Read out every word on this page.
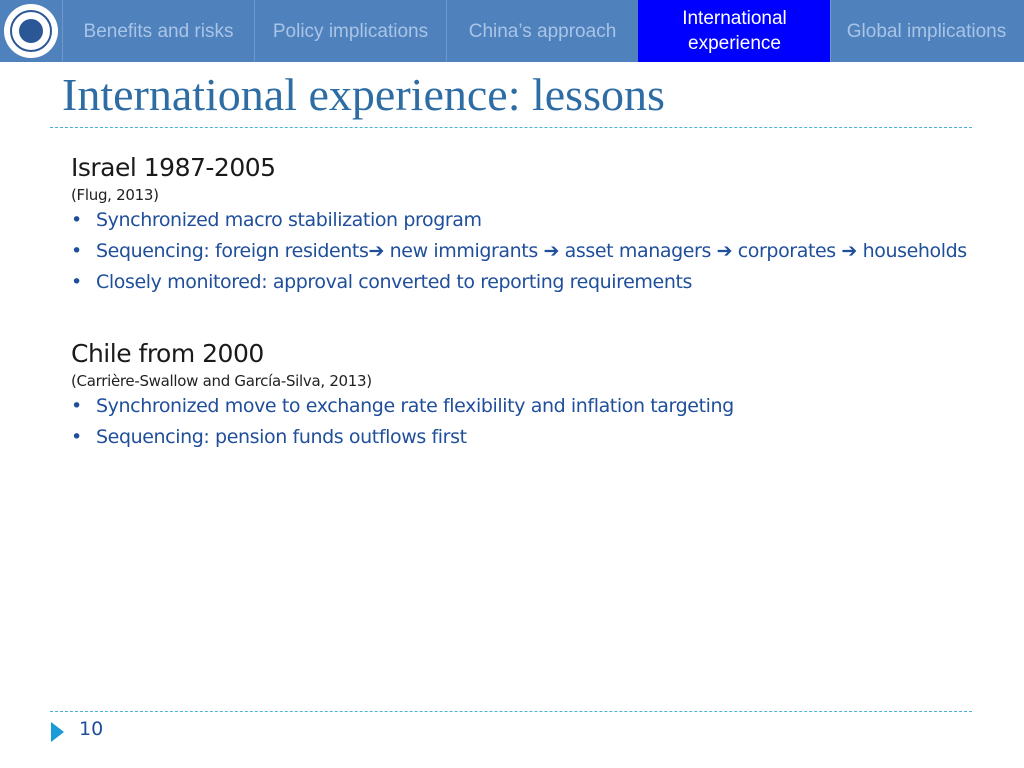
Benefits and risks	Policy implications	China’s approach
International experience
Global implications
International experience: lessons
Israel 1987-2005
(Flug, 2013)
• Synchronized macro stabilization program
• Sequencing: foreign residents➔ new immigrants ➔ asset managers ➔ corporates ➔ households
• Closely monitored: approval converted to reporting requirements
Chile from 2000
(Carrière-Swallow and García-Silva, 2013)
• Synchronized move to exchange rate flexibility and inflation targeting
• Sequencing: pension funds outflows first
10
